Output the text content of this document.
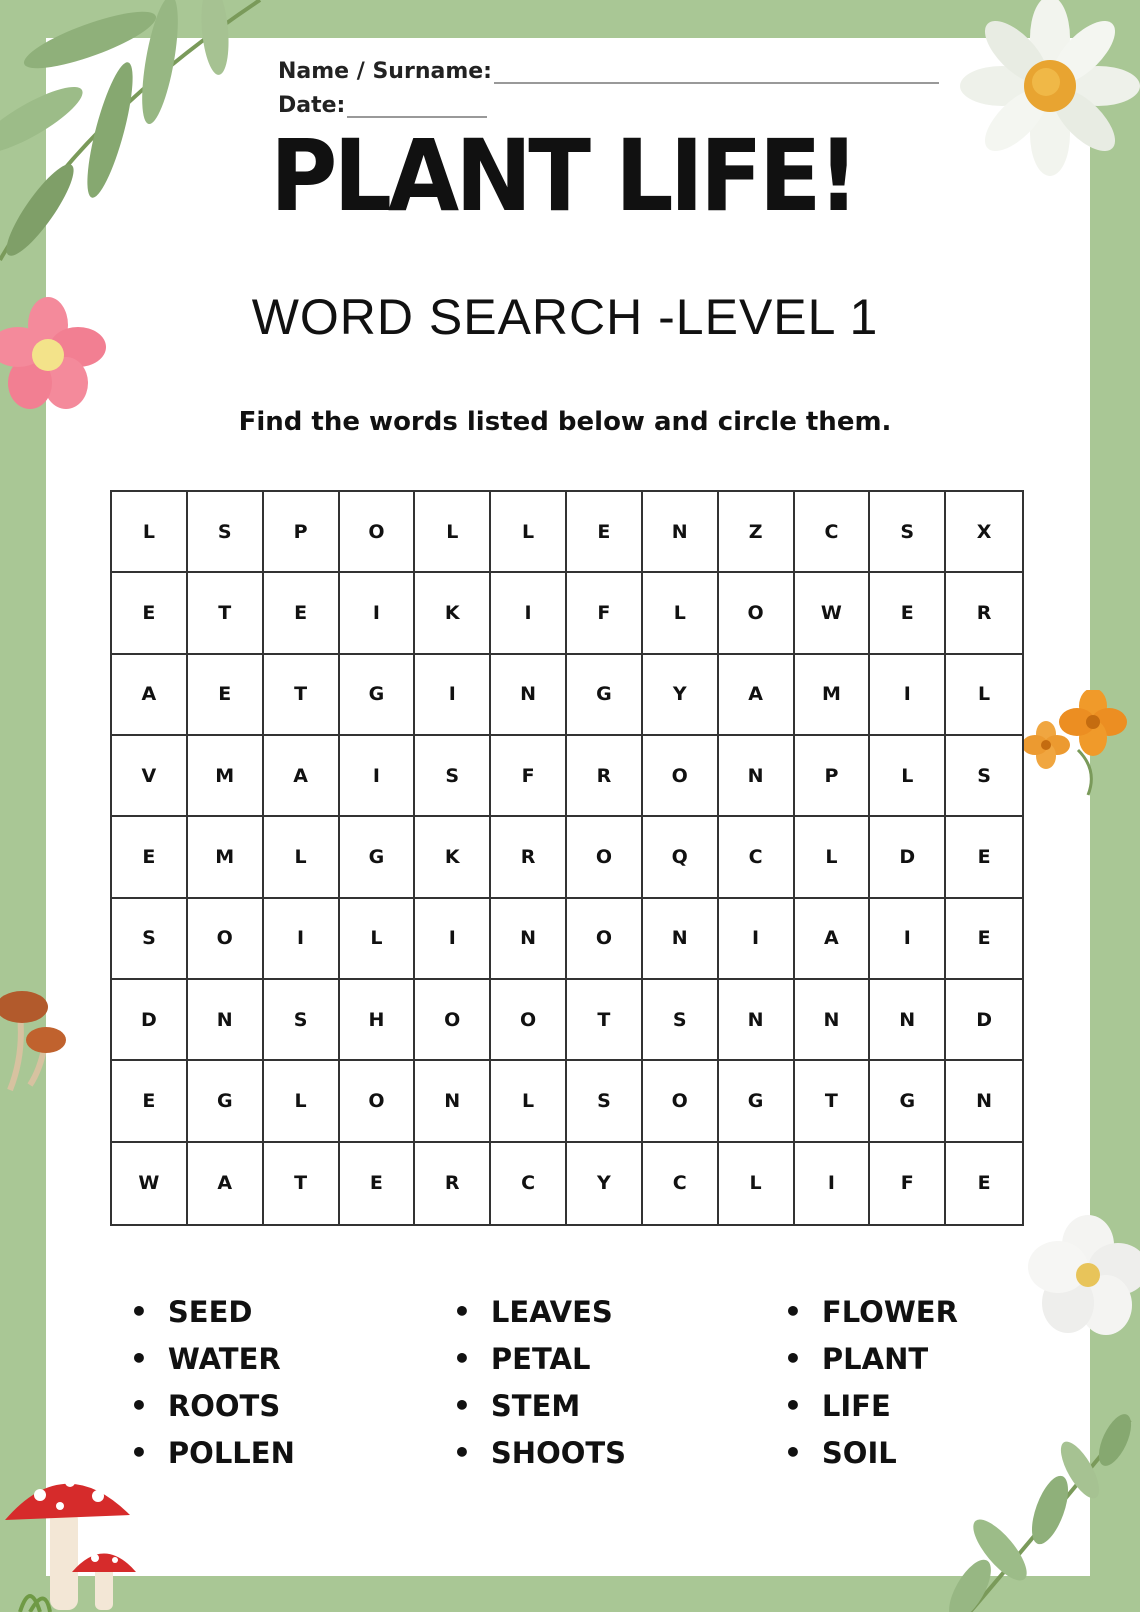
Name / Surname:
Date:
PLANT LIFE!
WORD SEARCH -LEVEL 1
Find the words listed below and circle them.
L	S	P	O	L	L	E	N	Z	C	S	X
E	T	E	I	K	I	F	L	O	W	E	R
A	E	T	G	I	N	G	Y	A	M	I	L
V	M	A	I	S	F	R	O	N	P	L	S
E	M	L	G	K	R	O	Q	C	L	D	E
S	O	I	L	I	N	O	N	I	A	I	E
D	N	S	H	O	O	T	S	N	N	N	D
E	G	L	O	N	L	S	O	G	T	G	N
W	A	T	E	R	C	Y	C	L	I	F	E
• SEED
• WATER
• ROOTS
• POLLEN
• LEAVES
• PETAL
• STEM
• SHOOTS
• FLOWER
• PLANT
• LIFE
• SOIL
